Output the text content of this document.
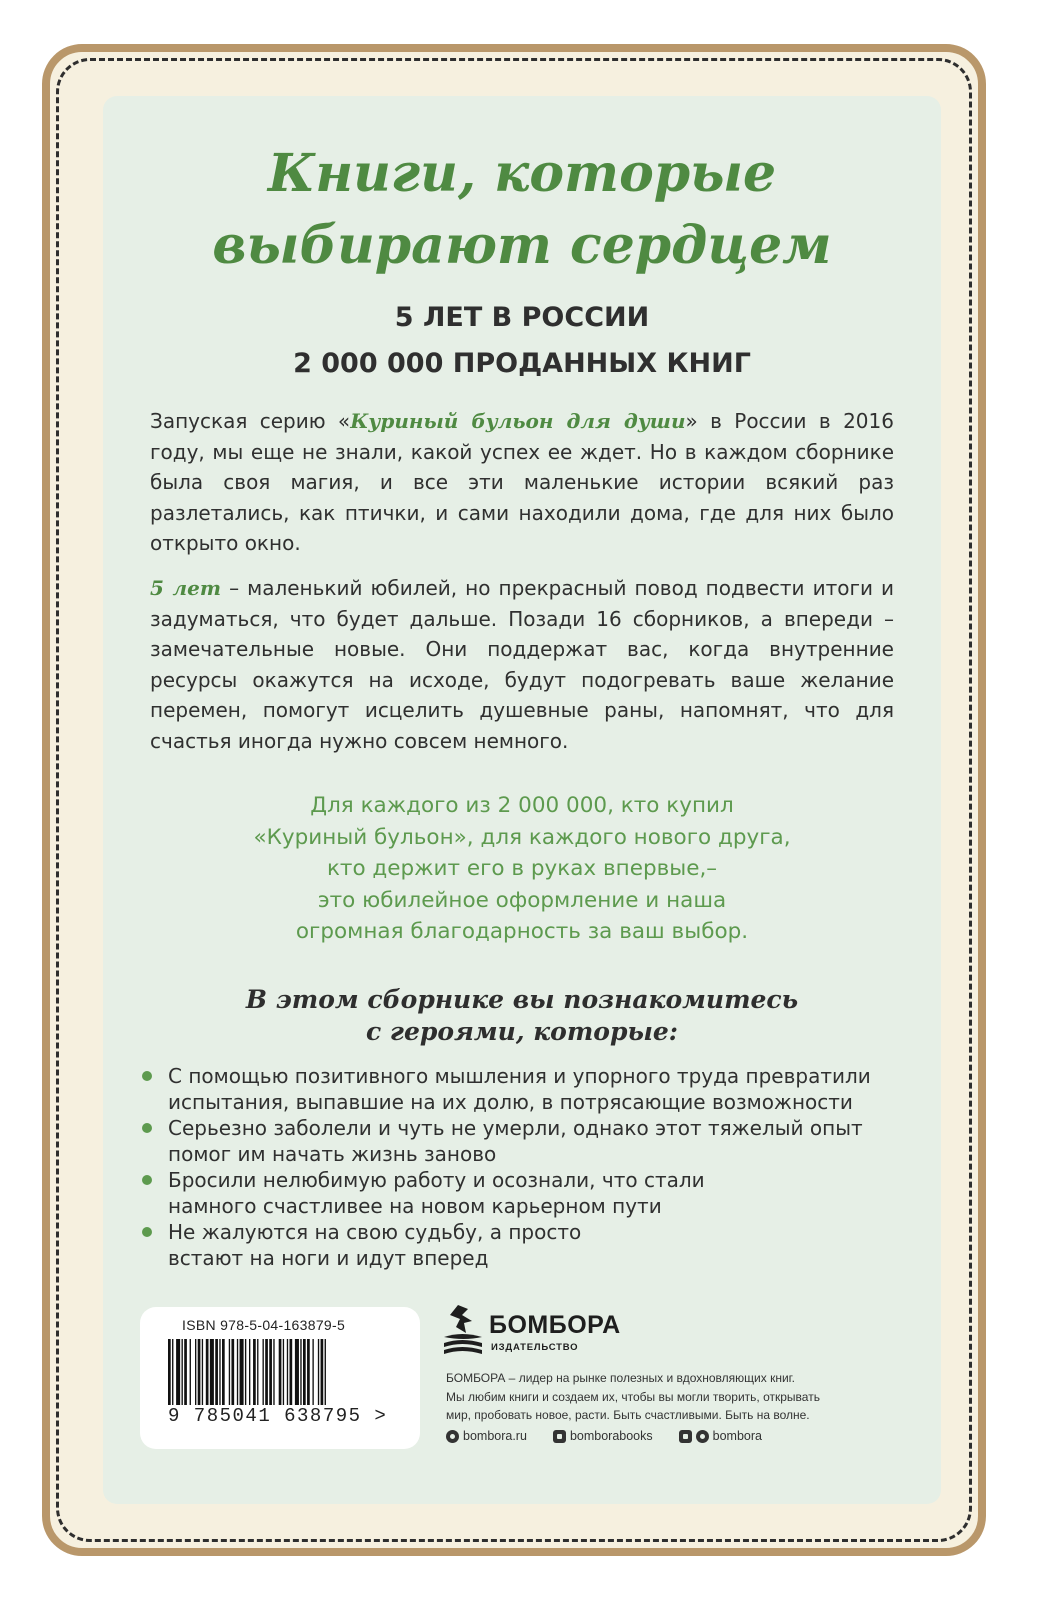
Книги, которые
выбирают сердцем
5 ЛЕТ В РОССИИ
2 000 000 ПРОДАННЫХ КНИГ

Запуская серию «Куриный бульон для души» в России в 2016 году, мы еще не знали, какой успех ее ждет. Но в каждом сборнике была своя магия, и все эти маленькие истории всякий раз разлетались, как птички, и сами находили дома, где для них было открыто окно.

5 лет – маленький юбилей, но прекрасный повод подвести итоги и задуматься, что будет дальше. Позади 16 сборников, а впереди – замечательные новые. Они поддержат вас, когда внутренние ресурсы окажутся на исходе, будут подогревать ваше желание перемен, помогут исцелить душевные раны, напомнят, что для счастья иногда нужно совсем немного.

Для каждого из 2 000 000, кто купил
«Куриный бульон», для каждого нового друга,
кто держит его в руках впервые,–
это юбилейное оформление и наша
огромная благодарность за ваш выбор.

В этом сборнике вы познакомитесь
с героями, которые:
С помощью позитивного мышления и упорного труда превратили
испытания, выпавшие на их долю, в потрясающие возможности
Серьезно заболели и чуть не умерли, однако этот тяжелый опыт
помог им начать жизнь заново
Бросили нелюбимую работу и осознали, что стали
намного счастливее на новом карьерном пути
Не жалуются на свою судьбу, а просто
встают на ноги и идут вперед
ISBN 978-5-04-163879-5
9 785041 638795 >
БОМБОРА
ИЗДАТЕЛЬСТВО

БОМБОРА – лидер на рынке полезных и вдохновляющих книг.
Мы любим книги и создаем их, чтобы вы могли творить, открывать
мир, пробовать новое, расти. Быть счастливыми. Быть на волне.

bombora.ru	bomborabooks	bombora
